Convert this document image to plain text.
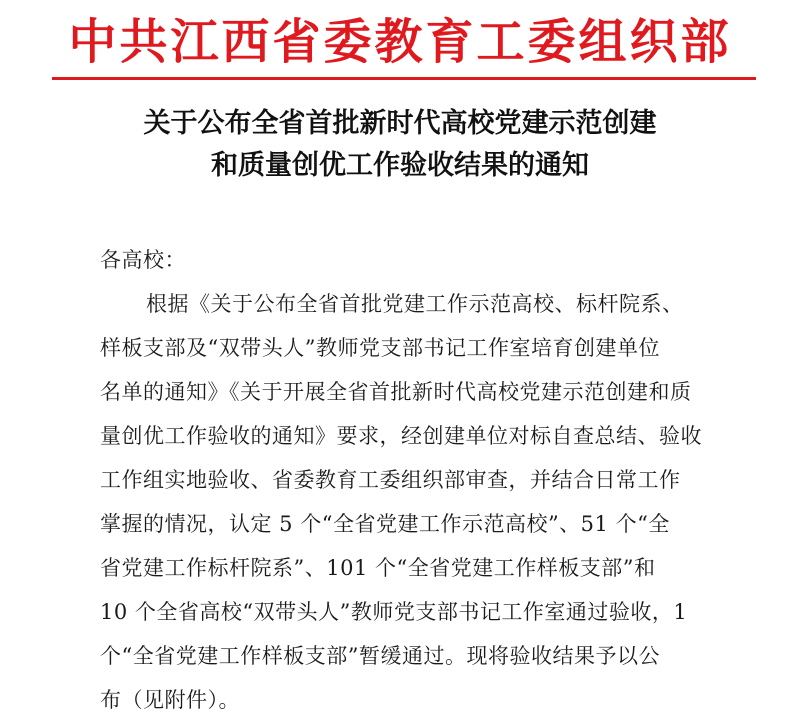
中共江西省委教育工委组织部
关于公布全省首批新时代高校党建示范创建
和质量创优工作验收结果的通知
各高校：
根据《关于公布全省首批党建工作示范高校、标杆院系、
样板支部及“双带头人”教师党支部书记工作室培育创建单位
名单的通知》《关于开展全省首批新时代高校党建示范创建和质
量创优工作验收的通知》要求，经创建单位对标自查总结、验收
工作组实地验收、省委教育工委组织部审查，并结合日常工作
掌握的情况，认定 5 个“全省党建工作示范高校”、51 个“全
省党建工作标杆院系”、101 个“全省党建工作样板支部”和
10 个全省高校“双带头人”教师党支部书记工作室通过验收，1
个“全省党建工作样板支部”暂缓通过。现将验收结果予以公
布（见附件）。
